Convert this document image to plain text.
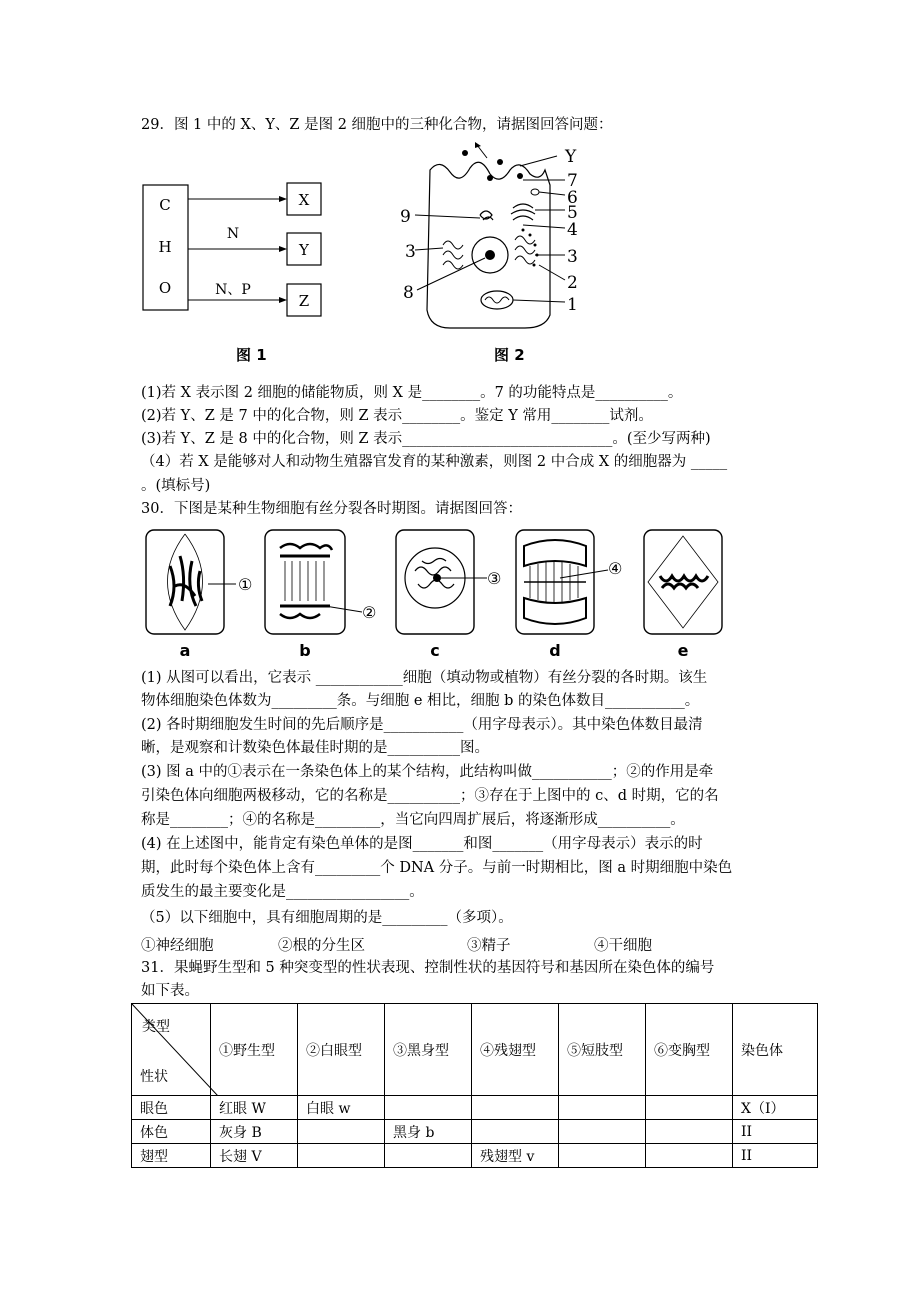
29．图 1 中的 X、Y、Z 是图 2 细胞中的三种化合物，请据图回答问题：
C
H
O
X
Y
Z
N
N、P
图 1
Y
7
6
5
4
3
2
1
9
3
8
图 2
(1)若 X 表示图 2 细胞的储能物质，则 X 是________。7 的功能特点是__________。
(2)若 Y、Z 是 7 中的化合物，则 Z 表示________。鉴定 Y 常用________试剂。
(3)若 Y、Z 是 8 中的化合物，则 Z 表示_____________________________。(至少写两种)
（4）若 X 是能够对人和动物生殖器官发育的某种激素，则图 2 中合成 X 的细胞器为 _____
。(填标号)
30．下图是某种生物细胞有丝分裂各时期图。请据图回答：
a
①
b
②
c
③
d
④
e
(1) 从图可以看出，它表示 ____________细胞（填动物或植物）有丝分裂的各时期。该生
物体细胞染色体数为_________条。与细胞 e 相比，细胞 b 的染色体数目___________。
(2) 各时期细胞发生时间的先后顺序是___________（用字母表示）。其中染色体数目最清
晰，是观察和计数染色体最佳时期的是__________图。
(3) 图 a 中的①表示在一条染色体上的某个结构，此结构叫做___________；②的作用是牵
引染色体向细胞两极移动，它的名称是__________；③存在于上图中的 c、d 时期，它的名
称是________；④的名称是_________，当它向四周扩展后，将逐渐形成__________。
(4) 在上述图中，能肯定有染色单体的是图_______和图_______（用字母表示）表示的时
期，此时每个染色体上含有_________个 DNA 分子。与前一时期相比，图 a 时期细胞中染色
质发生的最主要变化是_________________。
（5）以下细胞中，具有细胞周期的是_________（多项）。
①神经细胞	②根的分生区	③精子	④干细胞
31．果蝇野生型和 5 种突变型的性状表现、控制性状的基因符号和基因所在染色体的编号
如下表。
类型
性状	①野生型	②白眼型	③黑身型	④残翅型	⑤短肢型	⑥变胸型	染色体
眼色	红眼 W	白眼 w					X（I）
体色	灰身 B		黑身 b				II
翅型	长翅 V			残翅型 v			II
